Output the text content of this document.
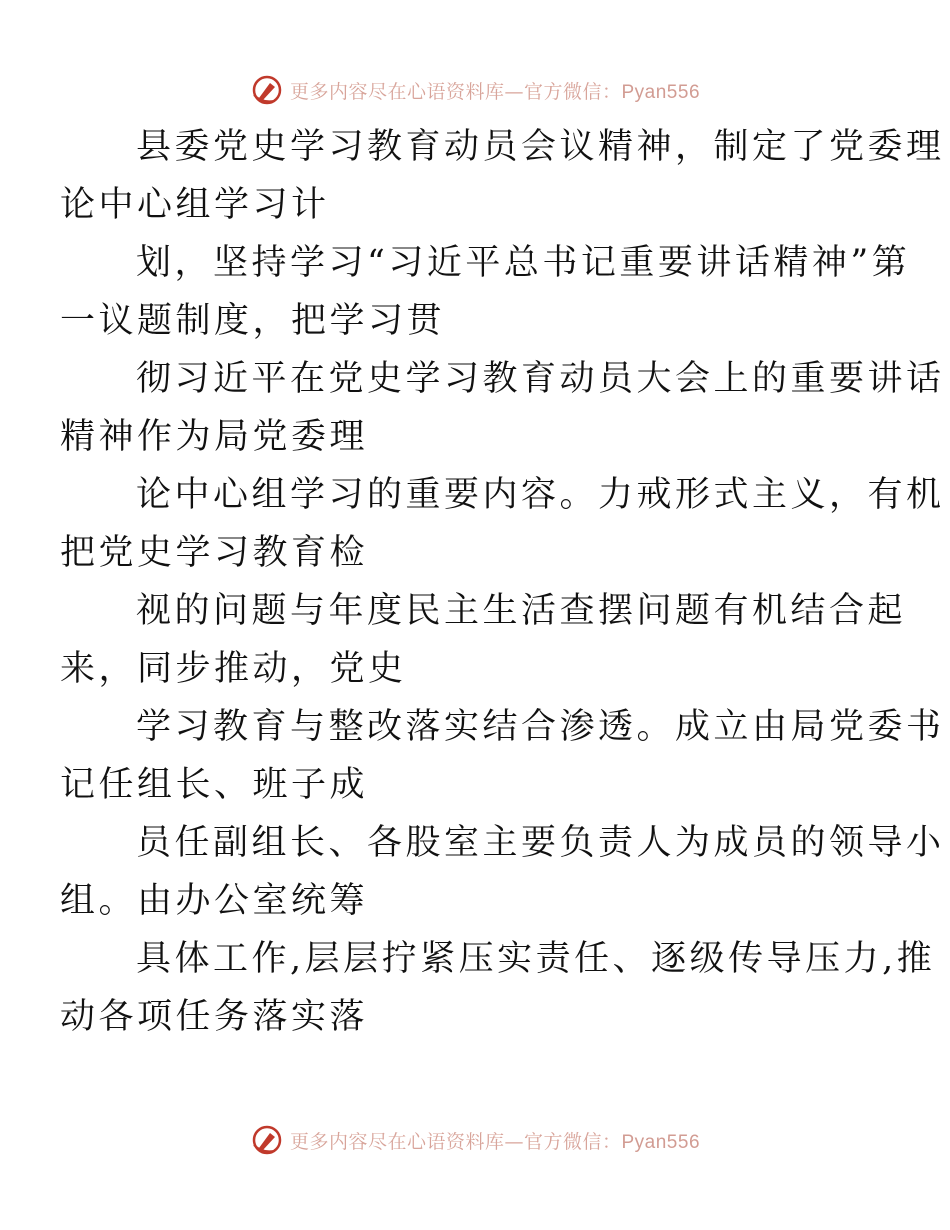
更多内容尽在心语资料库—官方微信：Pyan556

县委党史学习教育动员会议精神，制定了党委理
论中心组学习计

划，坚持学习“习近平总书记重要讲话精神”第
一议题制度，把学习贯

彻习近平在党史学习教育动员大会上的重要讲话
精神作为局党委理

论中心组学习的重要内容。力戒形式主义，有机
把党史学习教育检

视的问题与年度民主生活查摆问题有机结合起
来，同步推动，党史

学习教育与整改落实结合渗透。成立由局党委书
记任组长、班子成

员任副组长、各股室主要负责人为成员的领导小
组。由办公室统筹

具体工作,层层拧紧压实责任、逐级传导压力,推
动各项任务落实落

更多内容尽在心语资料库—官方微信：Pyan556
